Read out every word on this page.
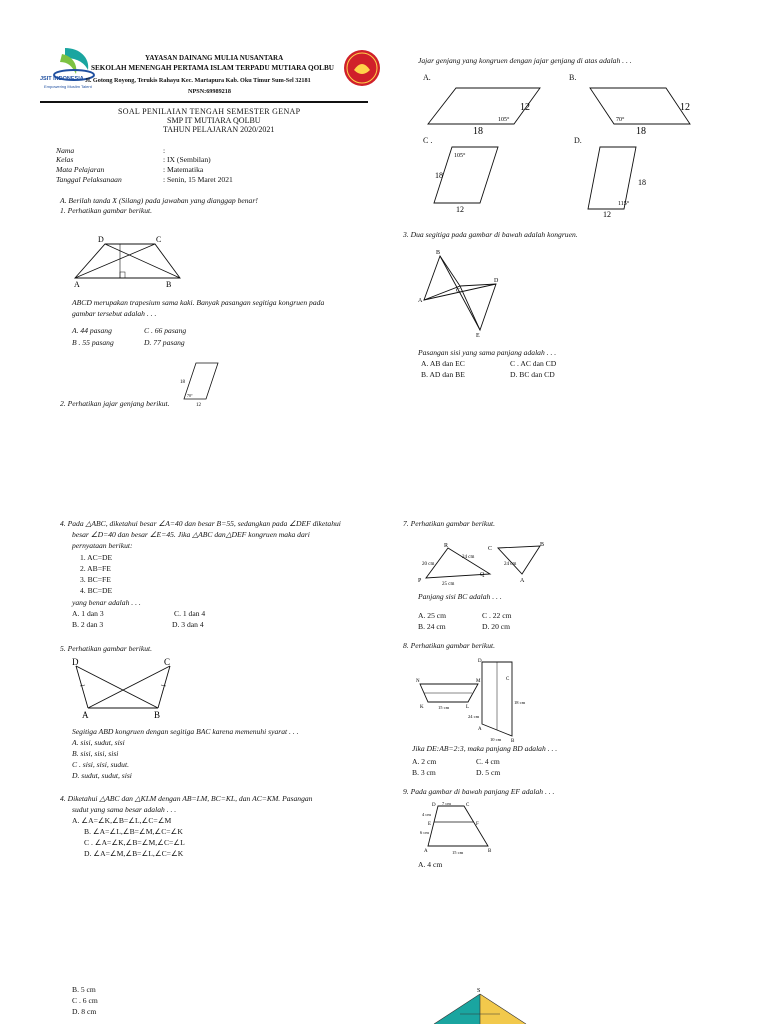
JSIT INDONESIA
Empowering Muslim Talent
YAYASAN DAINANG MULIA NUSANTARA
SEKOLAH MENENGAH PERTAMA ISLAM TERPADU MUTIARA QOLBU
Jl. Gotong Royong, Terukis Rahayu Kec. Martapura Kab. Oku Timur Sum-Sel 32181
NPSN:69989218
SOAL PENILAIAN TENGAH SEMESTER GENAP
SMP IT MUTIARA QOLBU
TAHUN PELAJARAN 2020/2021
Nama	:
Kelas	: IX (Sembilan)
Mata Pelajaran	: Matematika
Tanggal Pelaksanaan	: Senin, 15 Maret 2021
A. Berilah tanda X (Silang) pada jawaban yang dianggap benar!
1. Perhatikan gambar berikut.
D	C
A	B
ABCD merupakan trapesium sama kaki. Banyak pasangan segitiga kongruen pada
gambar tersebut adalah . . .
A. 44 pasang	C . 66 pasang
B . 55 pasang	D. 77 pasang
18
12
70°
2. Perhatikan jajar genjang berikut.
Jajar genjang yang kongruen dengan jajar genjang di atas adalah . . .
A.	B.
C .	D.
12
18
105°
12
18
70°
105°
18
12
18
12
115°
3. Dua segitiga pada gambar di bawah adalah kongruen.
B
A
C
D
E
Pasangan sisi yang sama panjang adalah . . .
A. AB dan EC	C . AC dan CD
B. AD dan BE	D. BC dan CD
4. Pada △ABC, diketahui besar ∠A=40 dan besar B=55, sedangkan pada ∠DEF diketahui
besar ∠D=40 dan besar ∠E=45. Jika △ABC dan△DEF kongruen maka dari
pernyataan berikut:
1. AC=DE
2. AB=FE
3. BC=FE
4. BC=DE
yang benar adalah . . .
A. 1 dan 3	C. 1 dan 4
B. 2 dan 3	D. 3 dan 4
5. Perhatikan gambar berikut.
D	C
A	B
Segitiga ABD kongruen dengan segitiga BAC karena memenuhi syarat . . .
A. sisi, sudut, sisi
B. sisi, sisi, sisi
C . sisi, sisi, sudut.
D. sudut, sudut, sisi
4. Diketahui △ABC dan △KLM dengan AB=LM, BC=KL, dan AC=KM. Pasangan
sudut yang sama besar adalah . . .
A. ∠A=∠K,∠B=∠L,∠C=∠M
B. ∠A=∠L,∠B=∠M,∠C=∠K
C . ∠A=∠K,∠B=∠M,∠C=∠L
D. ∠A=∠M,∠B=∠L,∠C=∠K
B. 5 cm
C . 6 cm
D. 8 cm
7. Perhatikan gambar berikut.
R	C
B
24 cm
20 cm	24 cm
P
Q
A
25 cm
Panjang sisi BC adalah . . .
A. 25 cm	C . 22 cm
B. 24 cm	D. 20 cm
8. Perhatikan gambar berikut.
N	M
K	L
15 cm
D
C
18 cm
24 cm
A
B
10 cm
Jika DE:AB=2:3, maka panjang BD adalah . . .
A. 2 cm	C. 4 cm
B. 3 cm	D. 5 cm
9. Pada gambar di bawah panjang EF adalah . . .
D 7 cm	C
4 cm
E	F
6 cm
A	15 cm	B
A. 4 cm
S
